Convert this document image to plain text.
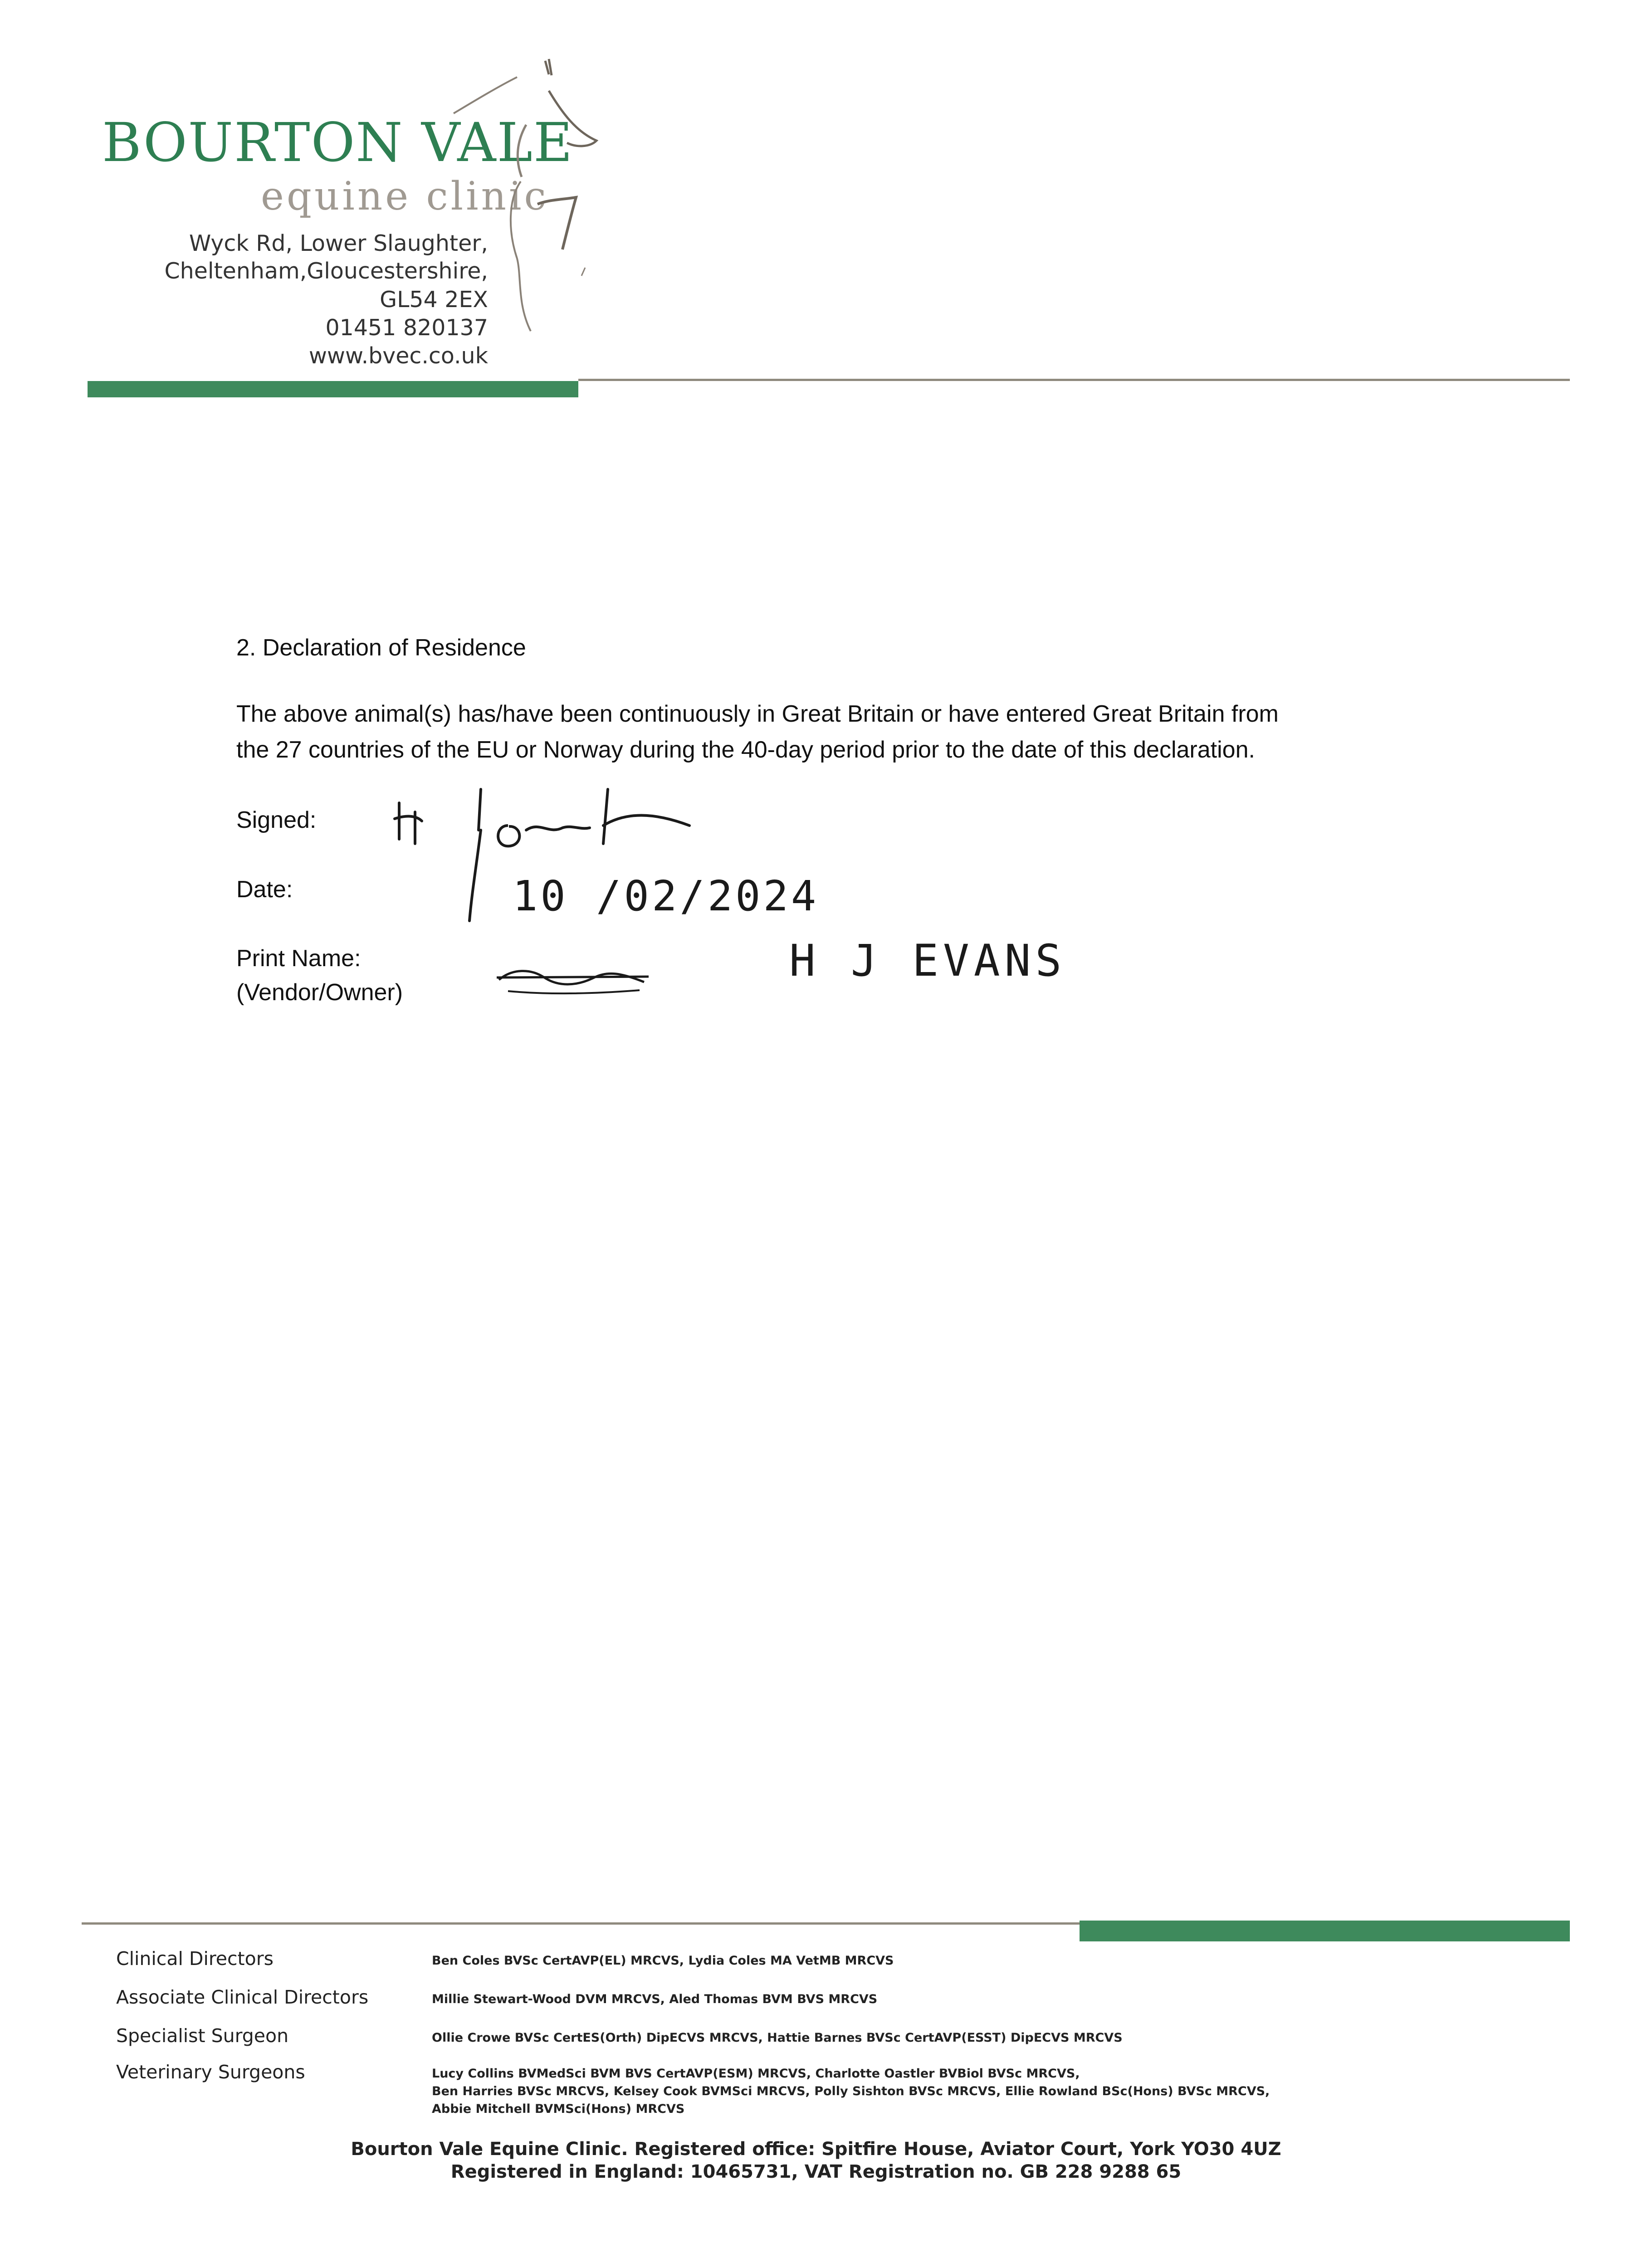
BOURTON VALE
equine clinic
Wyck Rd, Lower Slaughter,
Cheltenham,Gloucestershire,
GL54 2EX
01451 820137
www.bvec.co.uk
2. Declaration of Residence
The above animal(s) has/have been continuously in Great Britain or have entered Great Britain from
the 27 countries of the EU or Norway during the 40-day period prior to the date of this declaration.
Signed:
Date:	10 /02/2024
Print Name:
(Vendor/Owner)
H J EVANS
Clinical Directors	Ben Coles BVSc CertAVP(EL) MRCVS, Lydia Coles MA VetMB MRCVS
Associate Clinical Directors	Millie Stewart-Wood DVM MRCVS, Aled Thomas BVM BVS MRCVS
Specialist Surgeon	Ollie Crowe BVSc CertES(Orth) DipECVS MRCVS, Hattie Barnes BVSc CertAVP(ESST) DipECVS MRCVS
Veterinary Surgeons	Lucy Collins BVMedSci BVM BVS CertAVP(ESM) MRCVS, Charlotte Oastler BVBiol BVSc MRCVS,
Ben Harries BVSc MRCVS, Kelsey Cook BVMSci MRCVS, Polly Sishton BVSc MRCVS, Ellie Rowland BSc(Hons) BVSc MRCVS,
Abbie Mitchell BVMSci(Hons) MRCVS
Bourton Vale Equine Clinic. Registered office: Spitfire House, Aviator Court, York YO30 4UZ
Registered in England: 10465731, VAT Registration no. GB 228 9288 65
